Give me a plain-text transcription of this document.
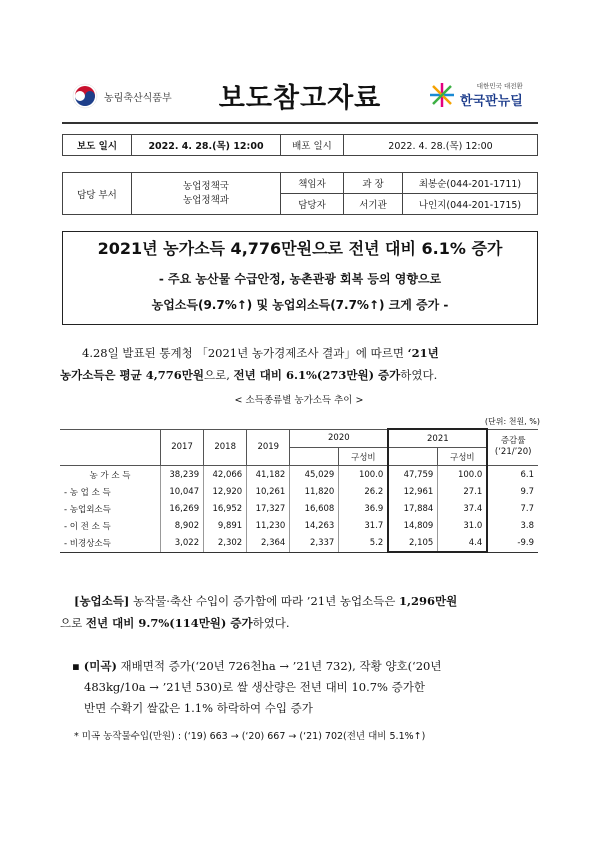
농림축산식품부	보도참고자료	대한민국 대전환
한국판뉴딜
보도 일시	2022. 4. 28.(목) 12:00	배포 일시	2022. 4. 28.(목) 12:00
담당 부서	농업정책국
농업정책과	책임자	과 장	최봉순(044-201-1711)
		담당자	서기관	나인지(044-201-1715)
2021년 농가소득 4,776만원으로 전년 대비 6.1% 증가
- 주요 농산물 수급안정, 농촌관광 회복 등의 영향으로
농업소득(9.7%↑) 및 농업외소득(7.7%↑) 크게 증가 -
4.28일 발표된 통계청 「2021년 농가경제조사 결과」에 따르면 ‘21년
농가소득은 평균 4,776만원으로, 전년 대비 6.1%(273만원) 증가하였다.
< 소득종류별 농가소득 추이 >
(단위: 천원, %)
	2017	2018	2019	2020		2021		증감률
(‘21/’20)

					구성비		구성비	
농 가 소 득	38,239	42,066	41,182	45,029	100.0	47,759	100.0	6.1
- 농 업 소 득	10,047	12,920	10,261	11,820	26.2	12,961	27.1	9.7
- 농업외소득	16,269	16,952	17,327	16,608	36.9	17,884	37.4	7.7
- 이 전 소 득	8,902	9,891	11,230	14,263	31.7	14,809	31.0	3.8
- 비경상소득	3,022	2,302	2,364	2,337	5.2	2,105	4.4	-9.9
[농업소득] 농작물·축산 수입이 증가함에 따라 ’21년 농업소득은 1,296만원
으로 전년 대비 9.7%(114만원) 증가하였다.
▪ (미곡) 재배면적 증가(‘20년 726천ha → ’21년 732), 작황 양호(‘20년
483kg/10a → ’21년 530)로 쌀 생산량은 전년 대비 10.7% 증가한
반면 수확기 쌀값은 1.1% 하락하여 수입 증가
* 미곡 농작물수입(만원) : (‘19) 663 → (‘20) 667 → (‘21) 702(전년 대비 5.1%↑)
